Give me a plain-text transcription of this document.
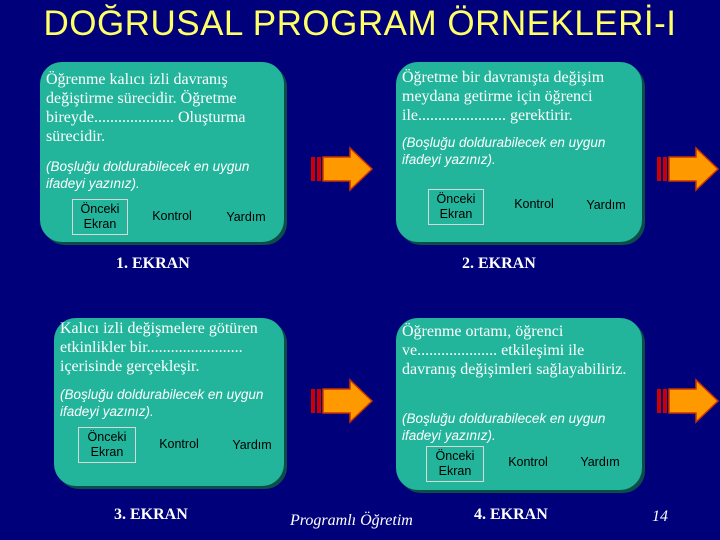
DOĞRUSAL PROGRAM ÖRNEKLERİ-I
Öğrenme kalıcı izli davranış değiştirme sürecidir. Öğretme bireyde.................... Oluşturma sürecidir.
(Boşluğu doldurabilecek en uygun ifadeyi yazınız).
Önceki Ekran
Kontrol	Yardım
1. EKRAN
Öğretme bir davranışta değişim meydana getirme için öğrenci ile...................... gerektirir.
(Boşluğu doldurabilecek en uygun ifadeyi yazınız).
Önceki Ekran
Kontrol	Yardım
2. EKRAN
Kalıcı izli değişmelere götüren etkinlikler bir........................ içerisinde gerçekleşir.
(Boşluğu doldurabilecek en uygun ifadeyi yazınız).
Önceki Ekran
Kontrol	Yardım
3. EKRAN
Öğrenme ortamı, öğrenci ve.................... etkileşimi ile davranış değişimleri sağlayabiliriz.
(Boşluğu doldurabilecek en uygun ifadeyi yazınız).
Önceki Ekran
Kontrol	Yardım
4. EKRAN
Programlı Öğretim	14
